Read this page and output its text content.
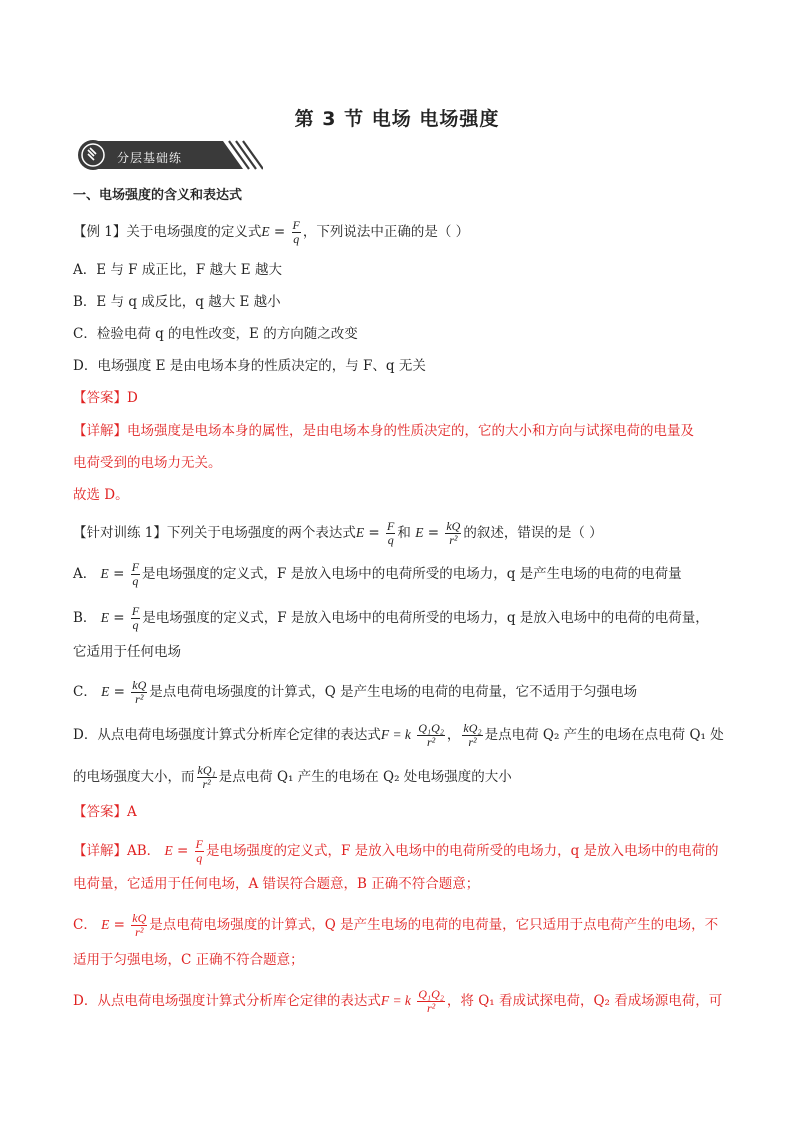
第 3 节 电场 电场强度
分层基础练
一、电场强度的含义和表达式
【例 1】关于电场强度的定义式$E = \frac{F}{q}$ ，下列说法中正确的是（ ）
A．E 与 F 成正比，F 越大 E 越大
B．E 与 q 成反比，q 越大 E 越小
C．检验电荷 q 的电性改变，E 的方向随之改变
D．电场强度 E 是由电场本身的性质决定的，与 F、q 无关
【答案】D
【详解】电场强度是电场本身的属性，是由电场本身的性质决定的，它的大小和方向与试探电荷的电量及
电荷受到的电场力无关。
故选 D。
【针对训练 1】下列关于电场强度的两个表达式$E = \frac{F}{q}$ 和 $E = \frac{kQ}{\text{r²}}$ 的叙述，错误的是（ ）
A． $E = \frac{F}{q}$ 是电场强度的定义式，F 是放入电场中的电荷所受的电场力，q 是产生电场的电荷的电荷量
B． $E = \frac{F}{q}$ 是电场强度的定义式，F 是放入电场中的电荷所受的电场力，q 是放入电场中的电荷的电荷量，
它适用于任何电场
C． $E = \frac{kQ}{\text{r²}}$ 是点电荷电场强度的计算式，Q 是产生电场的电荷的电荷量，它不适用于匀强电场
D．从点电荷电场强度计算式分析库仑定律的表达式F = k $\frac{\text{Q₁Q₂}}{\text{r²}}$ ， $\frac{\text{kQ₂}}{\text{r²}}$ 是点电荷 Q₂ 产生的电场在点电荷 Q₁ 处
的电场强度大小，而 $\frac{\text{kQ₁}}{\text{r²}}$ 是点电荷 Q₁ 产生的电场在 Q₂ 处电场强度的大小
【答案】A
【详解】AB． $E = \frac{F}{q}$ 是电场强度的定义式，F 是放入电场中的电荷所受的电场力，q 是放入电场中的电荷的
电荷量，它适用于任何电场，A 错误符合题意，B 正确不符合题意；
C． $E = \frac{kQ}{\text{r²}}$ 是点电荷电场强度的计算式，Q 是产生电场的电荷的电荷量，它只适用于点电荷产生的电场，不
适用于匀强电场，C 正确不符合题意；
D．从点电荷电场强度计算式分析库仑定律的表达式F = k $\frac{\text{Q₁Q₂}}{\text{r²}}$ ，将 Q₁ 看成试探电荷，Q₂ 看成场源电荷，可
